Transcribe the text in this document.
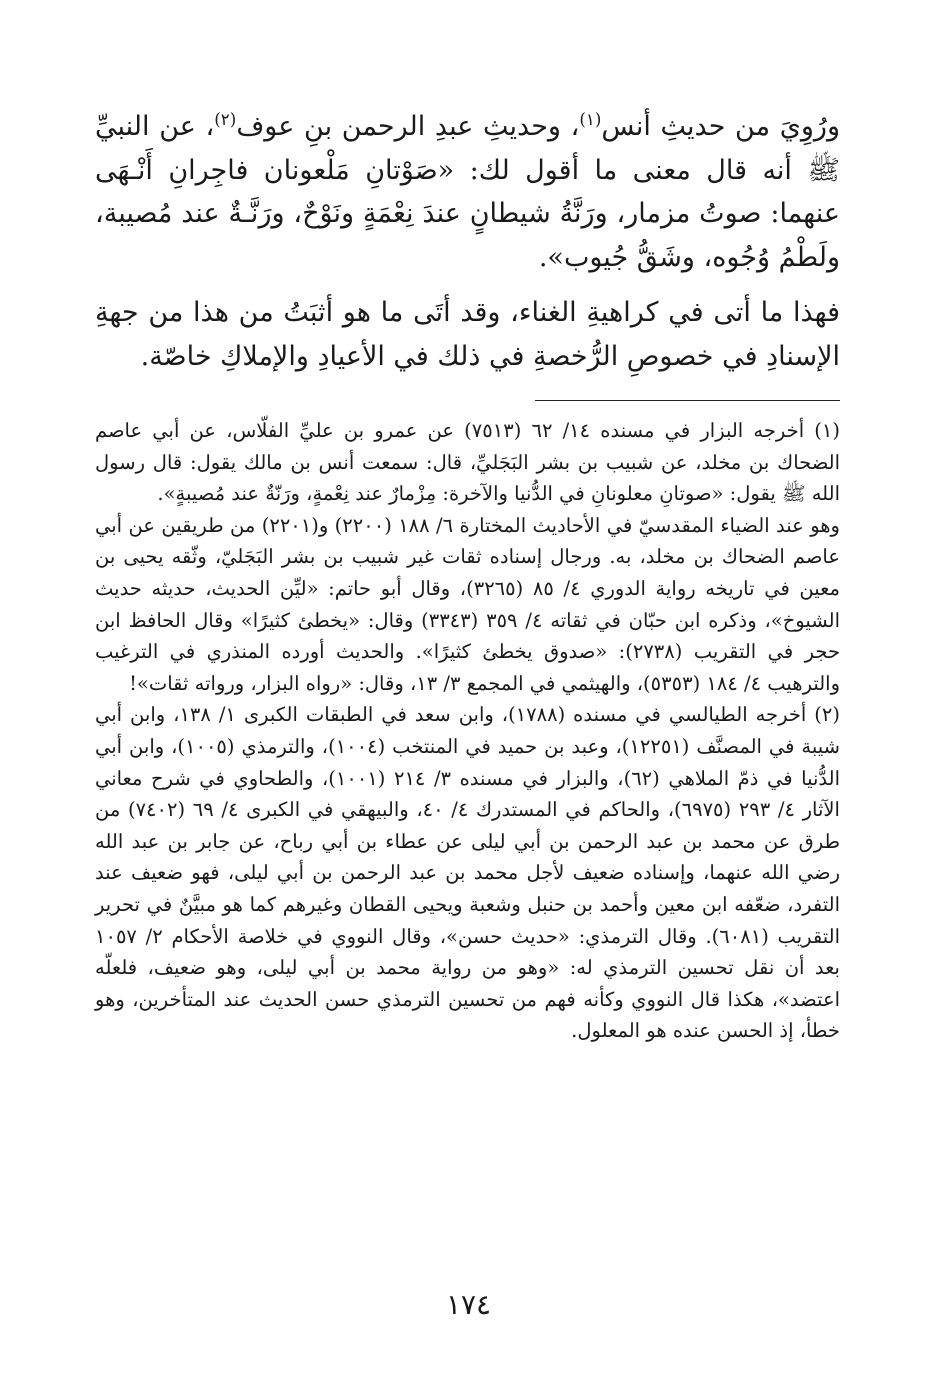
ورُوِيَ من حديثِ أنس$^{(١)}$، وحديثِ عبدِ الرحمن بنِ عوف$^{(٢)}$، عن النبيِّ ﷺ أنه قال معنى ما أقول لك: «صَوْتانِ مَلْعونان فاجِرانِ أَنْـهَى عنهما: صوتُ مزمار، ورَنَّةُ شيطانٍ عندَ نِعْمَةٍ ونَوْحٌ، ورَنَّـةٌ عند مُصيبة، ولَطْمُ وُجُوه، وشَقُّ جُيوب».

فهذا ما أتى في كراهيةِ الغناء، وقد أتَى ما هو أثبَتُ من هذا من جهةِ الإسنادِ في خصوصِ الرُّخصةِ في ذلك في الأعيادِ والإملاكِ خاصّة.

(١) أخرجه البزار في مسنده ١٤/ ٦٢ (٧٥١٣) عن عمرو بن عليِّ الفلّاس، عن أبي عاصم الضحاك بن مخلد، عن شبيب بن بشر البَجَليِّ، قال: سمعت أنس بن مالك يقول: قال رسول الله ﷺ يقول: «صوتانِ معلونانِ في الدُّنيا والآخرة: مِزْمارٌ عند نِعْمةٍ، ورَنّةٌ عند مُصيبةٍ».

وهو عند الضياء المقدسيّ في الأحاديث المختارة ٦/ ١٨٨ (٢٢٠٠) و(٢٢٠١) من طريقين عن أبي عاصم الضحاك بن مخلد، به. ورجال إسناده ثقات غير شبيب بن بشر البَجَليّ، وثّقه يحيى بن معين في تاريخه رواية الدوري ٤/ ٨٥ (٣٢٦٥)، وقال أبو حاتم: «ليِّن الحديث، حديثه حديث الشيوخ»، وذكره ابن حبّان في ثقاته ٤/ ٣٥٩ (٣٣٤٣) وقال: «يخطئ كثيرًا» وقال الحافظ ابن حجر في التقريب (٢٧٣٨): «صدوق يخطئ كثيرًا». والحديث أورده المنذري في الترغيب والترهيب ٤/ ١٨٤ (٥٣٥٣)، والهيثمي في المجمع ٣/ ١٣، وقال: «رواه البزار، ورواته ثقات»!

(٢) أخرجه الطيالسي في مسنده (١٧٨٨)، وابن سعد في الطبقات الكبرى ١/ ١٣٨، وابن أبي شيبة في المصنَّف (١٢٢٥١)، وعبد بن حميد في المنتخب (١٠٠٤)، والترمذي (١٠٠٥)، وابن أبي الدُّنيا في ذمّ الملاهي (٦٢)، والبزار في مسنده ٣/ ٢١٤ (١٠٠١)، والطحاوي في شرح معاني الآثار ٤/ ٢٩٣ (٦٩٧٥)، والحاكم في المستدرك ٤/ ٤٠، والبيهقي في الكبرى ٤/ ٦٩ (٧٤٠٢) من طرق عن محمد بن عبد الرحمن بن أبي ليلى عن عطاء بن أبي رباح، عن جابر بن عبد الله رضي الله عنهما، وإسناده ضعيف لأجل محمد بن عبد الرحمن بن أبي ليلى، فهو ضعيف عند التفرد، ضعّفه ابن معين وأحمد بن حنبل وشعبة ويحيى القطان وغيرهم كما هو مبيَّنٌ في تحرير التقريب (٦٠٨١). وقال الترمذي: «حديث حسن»، وقال النووي في خلاصة الأحكام ٢/ ١٠٥٧ بعد أن نقل تحسين الترمذي له: «وهو من رواية محمد بن أبي ليلى، وهو ضعيف، فلعلّه اعتضد»، هكذا قال النووي وكأنه فهم من تحسين الترمذي حسن الحديث عند المتأخرين، وهو خطأ، إذ الحسن عنده هو المعلول.

١٧٤
